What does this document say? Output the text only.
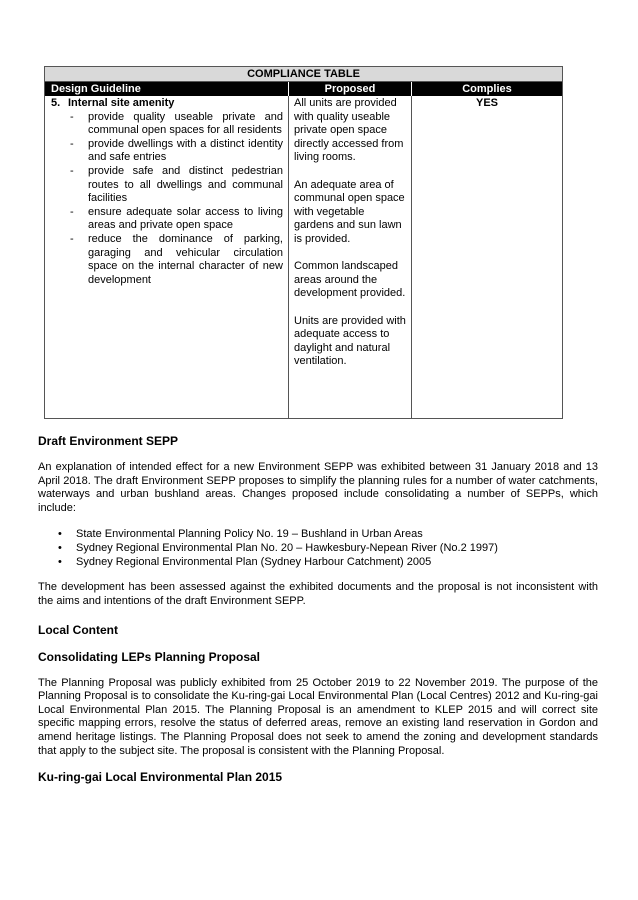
COMPLIANCE TABLE
Design Guideline	Proposed	Complies
5. Internal site amenity
- provide quality useable private and communal open spaces for all residents
- provide dwellings with a distinct identity and safe entries
- provide safe and distinct pedestrian routes to all dwellings and communal facilities
- ensure adequate solar access to living areas and private open space
- reduce the dominance of parking, garaging and vehicular circulation space on the internal character of new development

All units are provided with quality useable private open space directly accessed from living rooms.

An adequate area of communal open space with vegetable gardens and sun lawn is provided.

Common landscaped areas around the development provided.

Units are provided with adequate access to daylight and natural ventilation.

YES
Draft Environment SEPP

An explanation of intended effect for a new Environment SEPP was exhibited between 31 January 2018 and 13 April 2018. The draft Environment SEPP proposes to simplify the planning rules for a number of water catchments, waterways and urban bushland areas. Changes proposed include consolidating a number of SEPPs, which include:

• State Environmental Planning Policy No. 19 – Bushland in Urban Areas
• Sydney Regional Environmental Plan No. 20 – Hawkesbury-Nepean River (No.2 1997)
• Sydney Regional Environmental Plan (Sydney Harbour Catchment) 2005

The development has been assessed against the exhibited documents and the proposal is not inconsistent with the aims and intentions of the draft Environment SEPP.

Local Content
Consolidating LEPs Planning Proposal

The Planning Proposal was publicly exhibited from 25 October 2019 to 22 November 2019. The purpose of the Planning Proposal is to consolidate the Ku-ring-gai Local Environmental Plan (Local Centres) 2012 and Ku-ring-gai Local Environmental Plan 2015. The Planning Proposal is an amendment to KLEP 2015 and will correct site specific mapping errors, resolve the status of deferred areas, remove an existing land reservation in Gordon and amend heritage listings. The Planning Proposal does not seek to amend the zoning and development standards that apply to the subject site. The proposal is consistent with the Planning Proposal.

Ku-ring-gai Local Environmental Plan 2015
